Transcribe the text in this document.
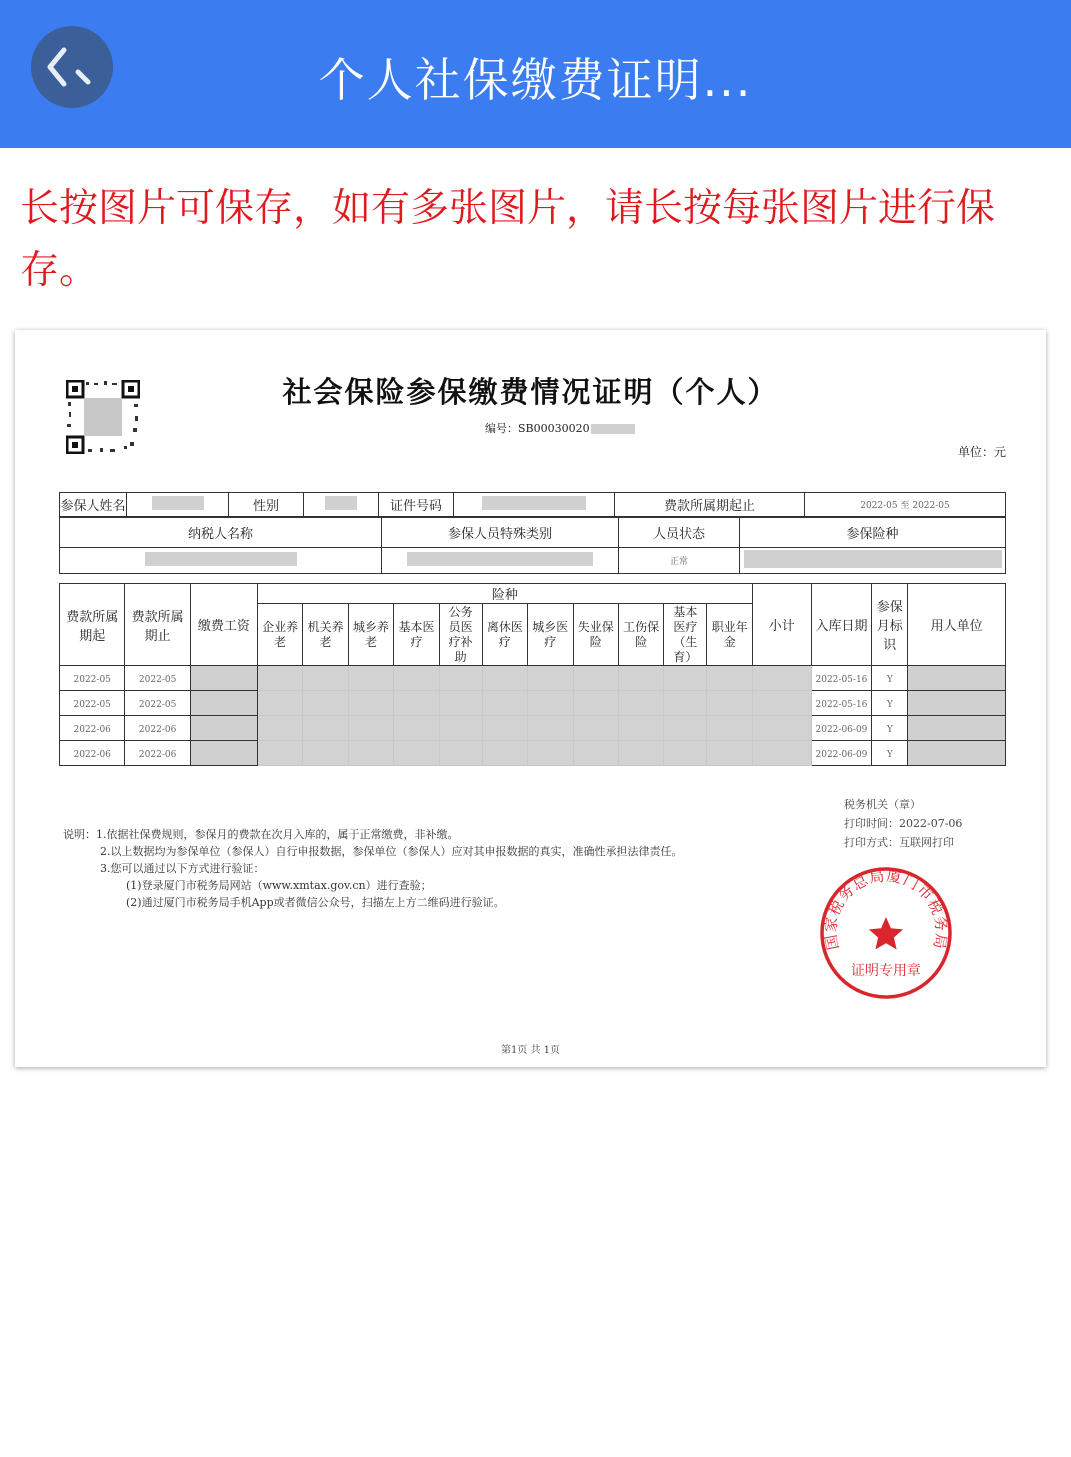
个人社保缴费证明...
长按图片可保存，如有多张图片，请长按每张图片进行保存。
社会保险参保缴费情况证明（个人）
编号：SB00030020
单位：元
参保人姓名		性别		证件号码		费款所属期起止	2022-05 至 2022-05
纳税人名称	参保人员特殊类别	人员状态	参保险种
		正常	
费款所属期起	费款所属期止	缴费工资	险种											小计	入库日期	参保月标识	用人单位
			企业养老	机关养老	城乡养老	基本医疗	公务员医疗补助	离休医疗	城乡医疗	失业保险	工伤保险	基本医疗（生育）	职业年金				
2022-05	2022-05														2022-05-16	Y	
2022-05	2022-05														2022-05-16	Y	
2022-06	2022-06														2022-06-09	Y	
2022-06	2022-06														2022-06-09	Y	
税务机关（章）
打印时间：2022-07-06
打印方式：互联网打印
说明：1.依据社保费规则，参保月的费款在次月入库的，属于正常缴费，非补缴。
2.以上数据均为参保单位（参保人）自行申报数据，参保单位（参保人）应对其申报数据的真实，准确性承担法律责任。
3.您可以通过以下方式进行验证：
(1)登录厦门市税务局网站（www.xmtax.gov.cn）进行查验；
(2)通过厦门市税务局手机App或者微信公众号，扫描左上方二维码进行验证。
国家税务总局厦门市税务局
证明专用章
第1页 共 1页
